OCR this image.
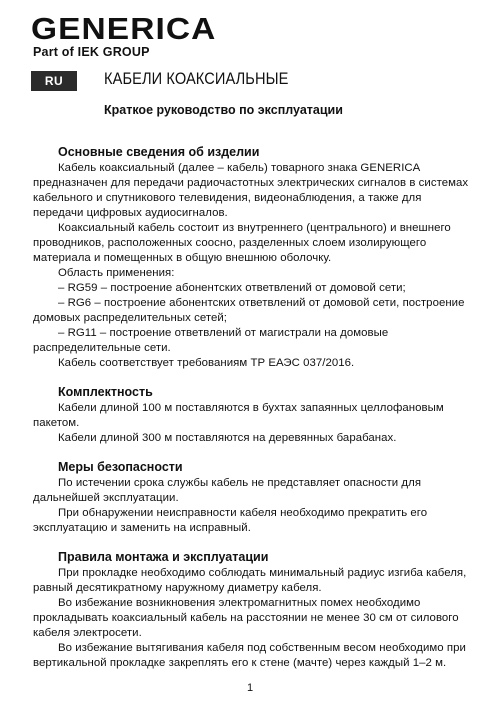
GENERICA
Part of IEK GROUP
RU	КАБЕЛИ КОАКСИАЛЬНЫЕ
Краткое руководство по эксплуатации
Основные сведения об изделии

Кабель коаксиальный (далее – кабель) товарного знака GENERICA предназначен для передачи радиочастотных электрических сигналов в системах кабельного и спутникового телевидения, видеонаблюдения, а также для передачи цифровых аудиосигналов.

Коаксиальный кабель состоит из внутреннего (центрального) и внешнего проводников, расположенных соосно, разделенных слоем изолирующего материала и помещенных в общую внешнюю оболочку.

Область применения:

– RG59 – построение абонентских ответвлений от домовой сети;

– RG6 – построение абонентских ответвлений от домовой сети, построение домовых распределительных сетей;

– RG11 – построение ответвлений от магистрали на домовые распределительные сети.

Кабель соответствует требованиям ТР ЕАЭС 037/2016.

Комплектность

Кабели длиной 100 м поставляются в бухтах запаянных целлофановым пакетом.

Кабели длиной 300 м поставляются на деревянных барабанах.

Меры безопасности

По истечении срока службы кабель не представляет опасности для дальнейшей эксплуатации.

При обнаружении неисправности кабеля необходимо прекратить его эксплуатацию и заменить на исправный.

Правила монтажа и эксплуатации

При прокладке необходимо соблюдать минимальный радиус изгиба кабеля, равный десятикратному наружному диаметру кабеля.

Во избежание возникновения электромагнитных помех необходимо прокладывать коаксиальный кабель на расстоянии не менее 30 см от силового кабеля электросети.

Во избежание вытягивания кабеля под собственным весом необходимо при вертикальной прокладке закреплять его к стене (мачте) через каждый 1–2 м.

1
